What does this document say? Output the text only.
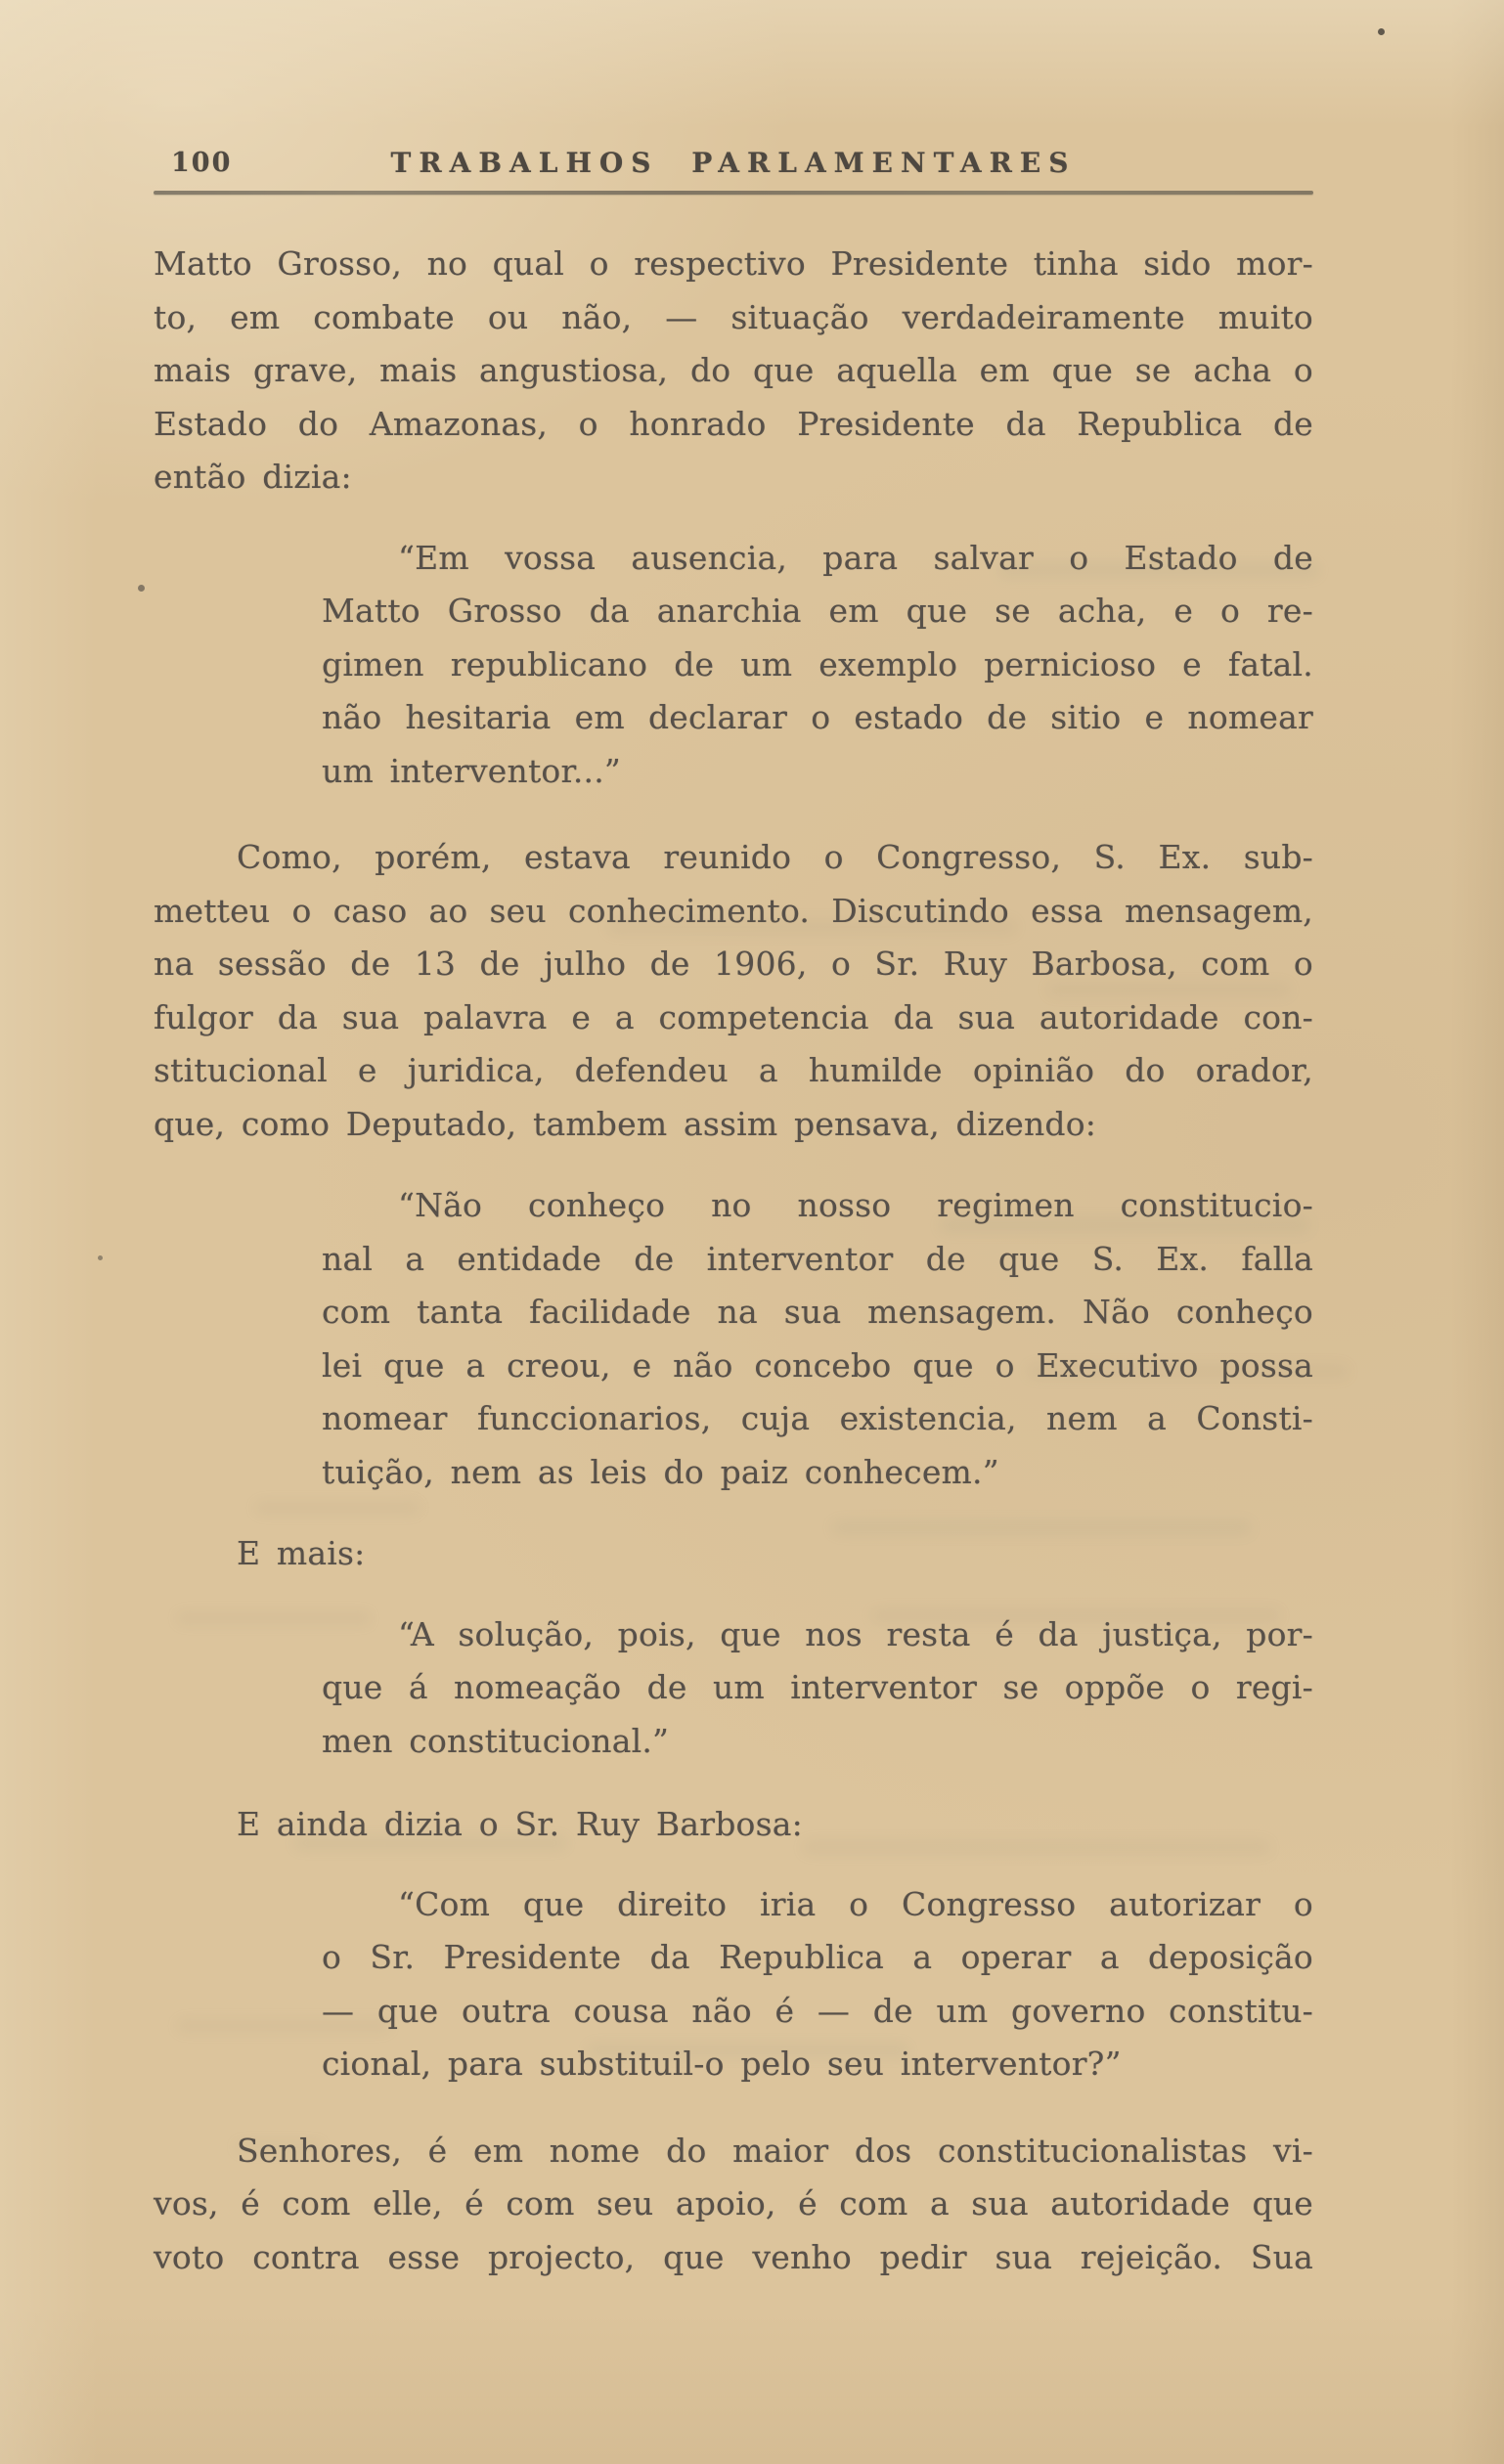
100	TRABALHOS PARLAMENTARES
Matto Grosso, no qual o respectivo Presidente tinha sido mor-
to, em combate ou não, — situação verdadeiramente muito
mais grave, mais angustiosa, do que aquella em que se acha o
Estado do Amazonas, o honrado Presidente da Republica de
então dizia:
“Em vossa ausencia, para salvar o Estado de
Matto Grosso da anarchia em que se acha, e o re-
gimen republicano de um exemplo pernicioso e fatal.
não hesitaria em declarar o estado de sitio e nomear
um interventor...”
Como, porém, estava reunido o Congresso, S. Ex. sub-
metteu o caso ao seu conhecimento. Discutindo essa mensagem,
na sessão de 13 de julho de 1906, o Sr. Ruy Barbosa, com o
fulgor da sua palavra e a competencia da sua autoridade con-
stitucional e juridica, defendeu a humilde opinião do orador,
que, como Deputado, tambem assim pensava, dizendo:
“Não conheço no nosso regimen constitucio-
nal a entidade de interventor de que S. Ex. falla
com tanta facilidade na sua mensagem. Não conheço
lei que a creou, e não concebo que o Executivo possa
nomear funccionarios, cuja existencia, nem a Consti-
tuição, nem as leis do paiz conhecem.”
E mais:
“A solução, pois, que nos resta é da justiça, por-
que á nomeação de um interventor se oppõe o regi-
men constitucional.”
E ainda dizia o Sr. Ruy Barbosa:
“Com que direito iria o Congresso autorizar o
o Sr. Presidente da Republica a operar a deposição
— que outra cousa não é — de um governo constitu-
cional, para substituil-o pelo seu interventor?”
Senhores, é em nome do maior dos constitucionalistas vi-
vos, é com elle, é com seu apoio, é com a sua autoridade que
voto contra esse projecto, que venho pedir sua rejeição. Sua
